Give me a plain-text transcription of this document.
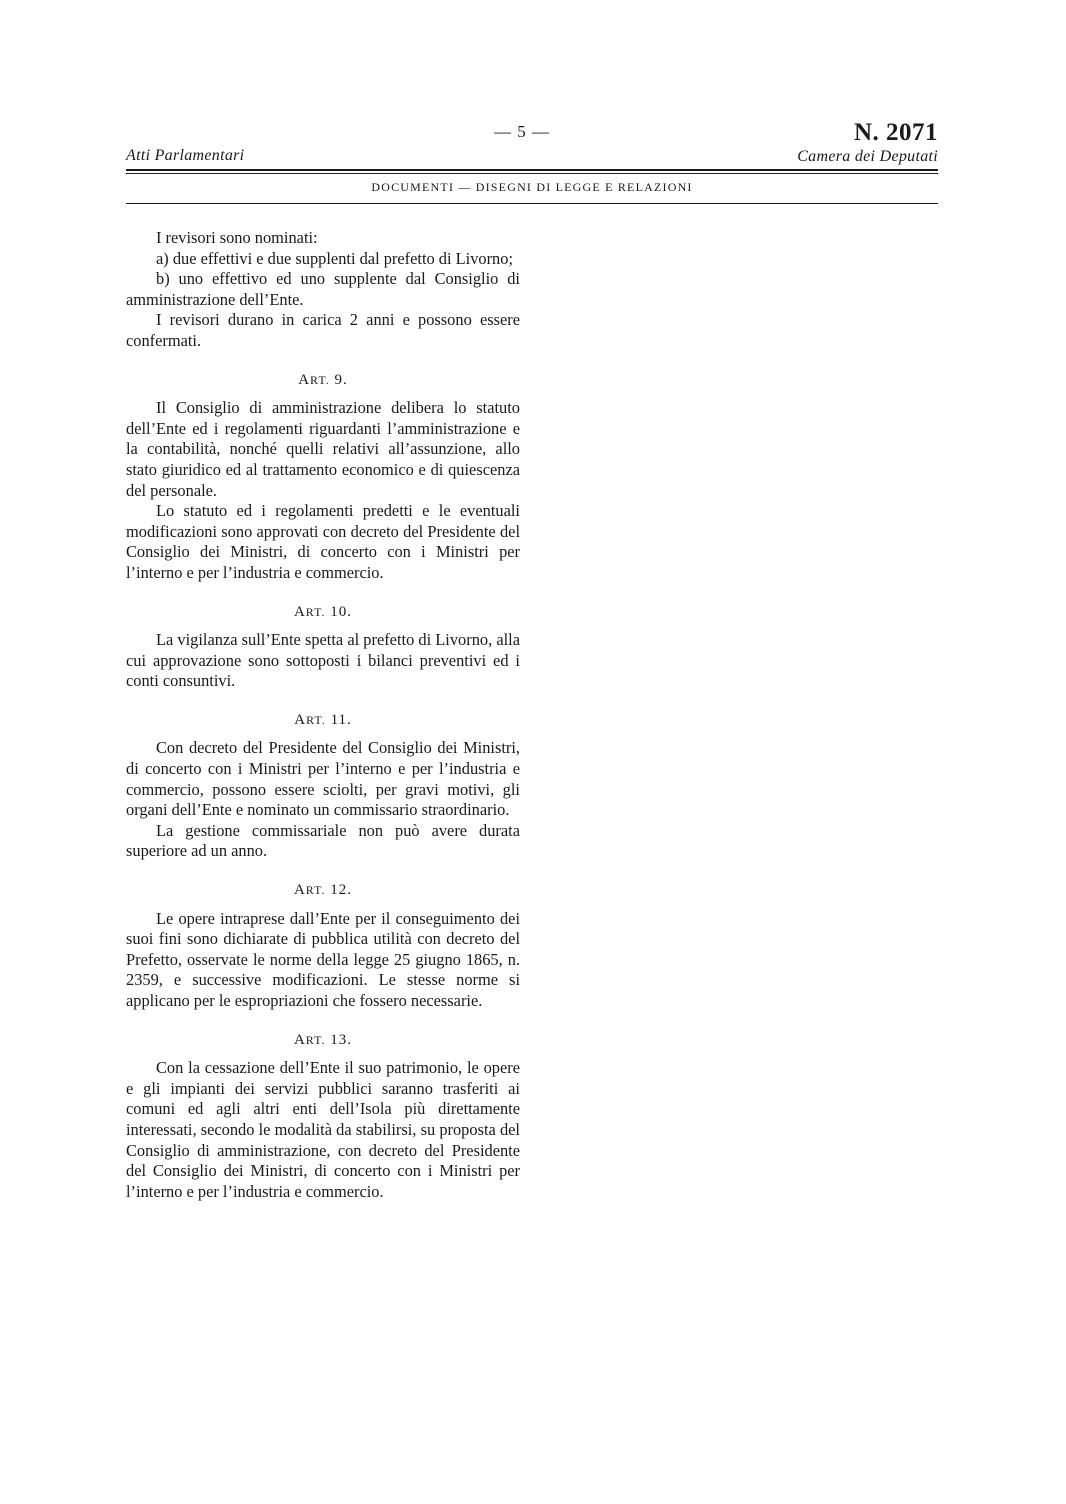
Atti Parlamentari
— 5 —	N. 2071
Camera dei Deputati
DOCUMENTI — DISEGNI DI LEGGE E RELAZIONI

I revisori sono nominati:

a) due effettivi e due supplenti dal prefetto di Livorno;

b) uno effettivo ed uno supplente dal Consiglio di amministrazione dell’Ente.

I revisori durano in carica 2 anni e possono essere confermati.

ART. 9.

Il Consiglio di amministrazione delibera lo statuto dell’Ente ed i regolamenti riguardanti l’amministrazione e la contabilità, nonché quelli relativi all’assunzione, allo stato giuridico ed al trattamento economico e di quiescenza del personale.

Lo statuto ed i regolamenti predetti e le eventuali modificazioni sono approvati con decreto del Presidente del Consiglio dei Ministri, di concerto con i Ministri per l’interno e per l’industria e commercio.

ART. 10.

La vigilanza sull’Ente spetta al prefetto di Livorno, alla cui approvazione sono sottoposti i bilanci preventivi ed i conti consuntivi.

ART. 11.

Con decreto del Presidente del Consiglio dei Ministri, di concerto con i Ministri per l’interno e per l’industria e commercio, possono essere sciolti, per gravi motivi, gli organi dell’Ente e nominato un commissario straordinario.

La gestione commissariale non può avere durata superiore ad un anno.

ART. 12.

Le opere intraprese dall’Ente per il conseguimento dei suoi fini sono dichiarate di pubblica utilità con decreto del Prefetto, osservate le norme della legge 25 giugno 1865, n. 2359, e successive modificazioni. Le stesse norme si applicano per le espropriazioni che fossero necessarie.

ART. 13.

Con la cessazione dell’Ente il suo patrimonio, le opere e gli impianti dei servizi pubblici saranno trasferiti ai comuni ed agli altri enti dell’Isola più direttamente interessati, secondo le modalità da stabilirsi, su proposta del Consiglio di amministrazione, con decreto del Presidente del Consiglio dei Ministri, di concerto con i Ministri per l’interno e per l’industria e commercio.
